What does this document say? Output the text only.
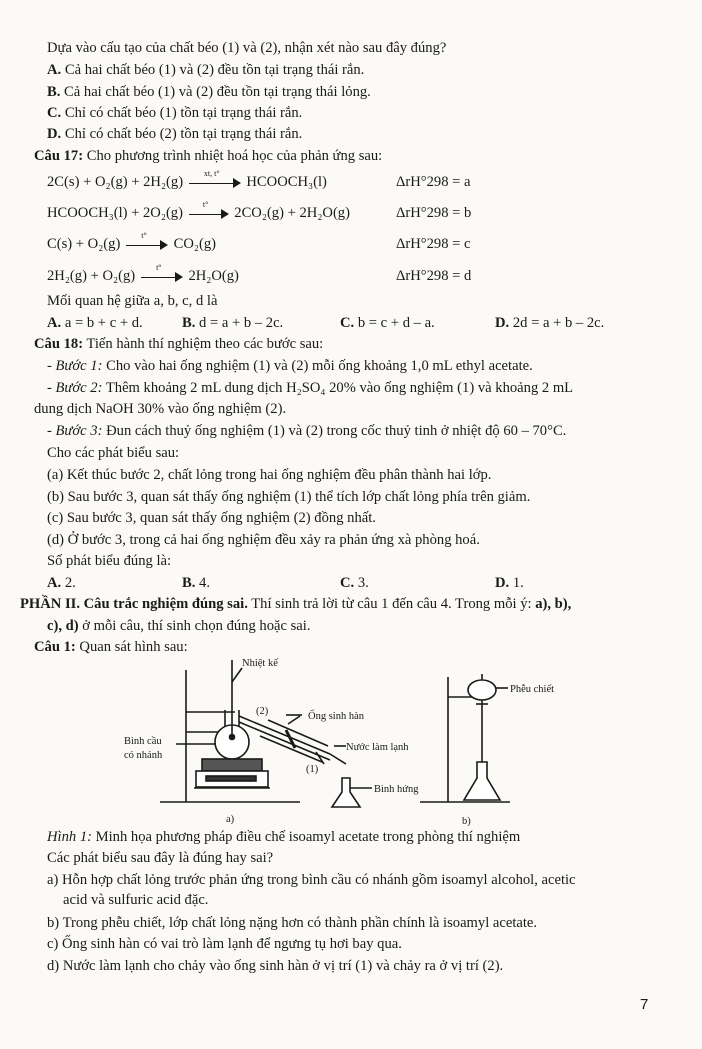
Dựa vào cấu tạo của chất béo (1) và (2), nhận xét nào sau đây đúng?
A. Cả hai chất béo (1) và (2) đều tồn tại trạng thái rắn.
B. Cả hai chất béo (1) và (2) đều tồn tại trạng thái lỏng.
C. Chỉ có chất béo (1) tồn tại trạng thái rắn.
D. Chỉ có chất béo (2) tồn tại trạng thái rắn.
Câu 17: Cho phương trình nhiệt hoá học của phản ứng sau:
2C(s) + O₂(g) + 2H₂(g)
xt, t°
HCOOCH₃(l)	ΔrH°298 = a
HCOOCH₃(l) + 2O₂(g)
t°
2CO₂(g) + 2H₂O(g)	ΔrH°298 = b
C(s) + O₂(g)
t°
CO₂(g)	ΔrH°298 = c
2H₂(g) + O₂(g)
t°
2H₂O(g)	ΔrH°298 = d
Mối quan hệ giữa a, b, c, d là
A. a = b + c + d.	B. d = a + b – 2c.	C. b = c + d – a.	D. 2d = a + b – 2c.
Câu 18: Tiến hành thí nghiệm theo các bước sau:
- Bước 1: Cho vào hai ống nghiệm (1) và (2) mỗi ống khoảng 1,0 mL ethyl acetate.
- Bước 2: Thêm khoảng 2 mL dung dịch H₂SO₄ 20% vào ống nghiệm (1) và khoảng 2 mL
dung dịch NaOH 30% vào ống nghiệm (2).
- Bước 3: Đun cách thuỷ ống nghiệm (1) và (2) trong cốc thuỷ tinh ở nhiệt độ 60 – 70°C.
Cho các phát biểu sau:
(a) Kết thúc bước 2, chất lỏng trong hai ống nghiệm đều phân thành hai lớp.
(b) Sau bước 3, quan sát thấy ống nghiệm (1) thể tích lớp chất lỏng phía trên giảm.
(c) Sau bước 3, quan sát thấy ống nghiệm (2) đồng nhất.
(d) Ở bước 3, trong cả hai ống nghiệm đều xảy ra phản ứng xà phòng hoá.
Số phát biểu đúng là:
A. 2.	B. 4.	C. 3.	D. 1.
PHẦN II. Câu trắc nghiệm đúng sai. Thí sinh trả lời từ câu 1 đến câu 4. Trong mỗi ý: a), b),
c), d) ở mỗi câu, thí sinh chọn đúng hoặc sai.
Câu 1: Quan sát hình sau:
Nhiệt kế
Ống sinh hàn
Bình cầu
có nhánh
Nước làm lạnh
Bình hứng
Phễu chiết
(2)
(1)
a)	b)
Hình 1: Minh họa phương pháp điều chế isoamyl acetate trong phòng thí nghiệm
Các phát biểu sau đây là đúng hay sai?
a) Hỗn hợp chất lỏng trước phản ứng trong bình cầu có nhánh gồm isoamyl alcohol, acetic
acid và sulfuric acid đặc.
b) Trong phễu chiết, lớp chất lỏng nặng hơn có thành phần chính là isoamyl acetate.
c) Ống sinh hàn có vai trò làm lạnh để ngưng tụ hơi bay qua.
d) Nước làm lạnh cho chảy vào ống sinh hàn ở vị trí (1) và chảy ra ở vị trí (2).
7
